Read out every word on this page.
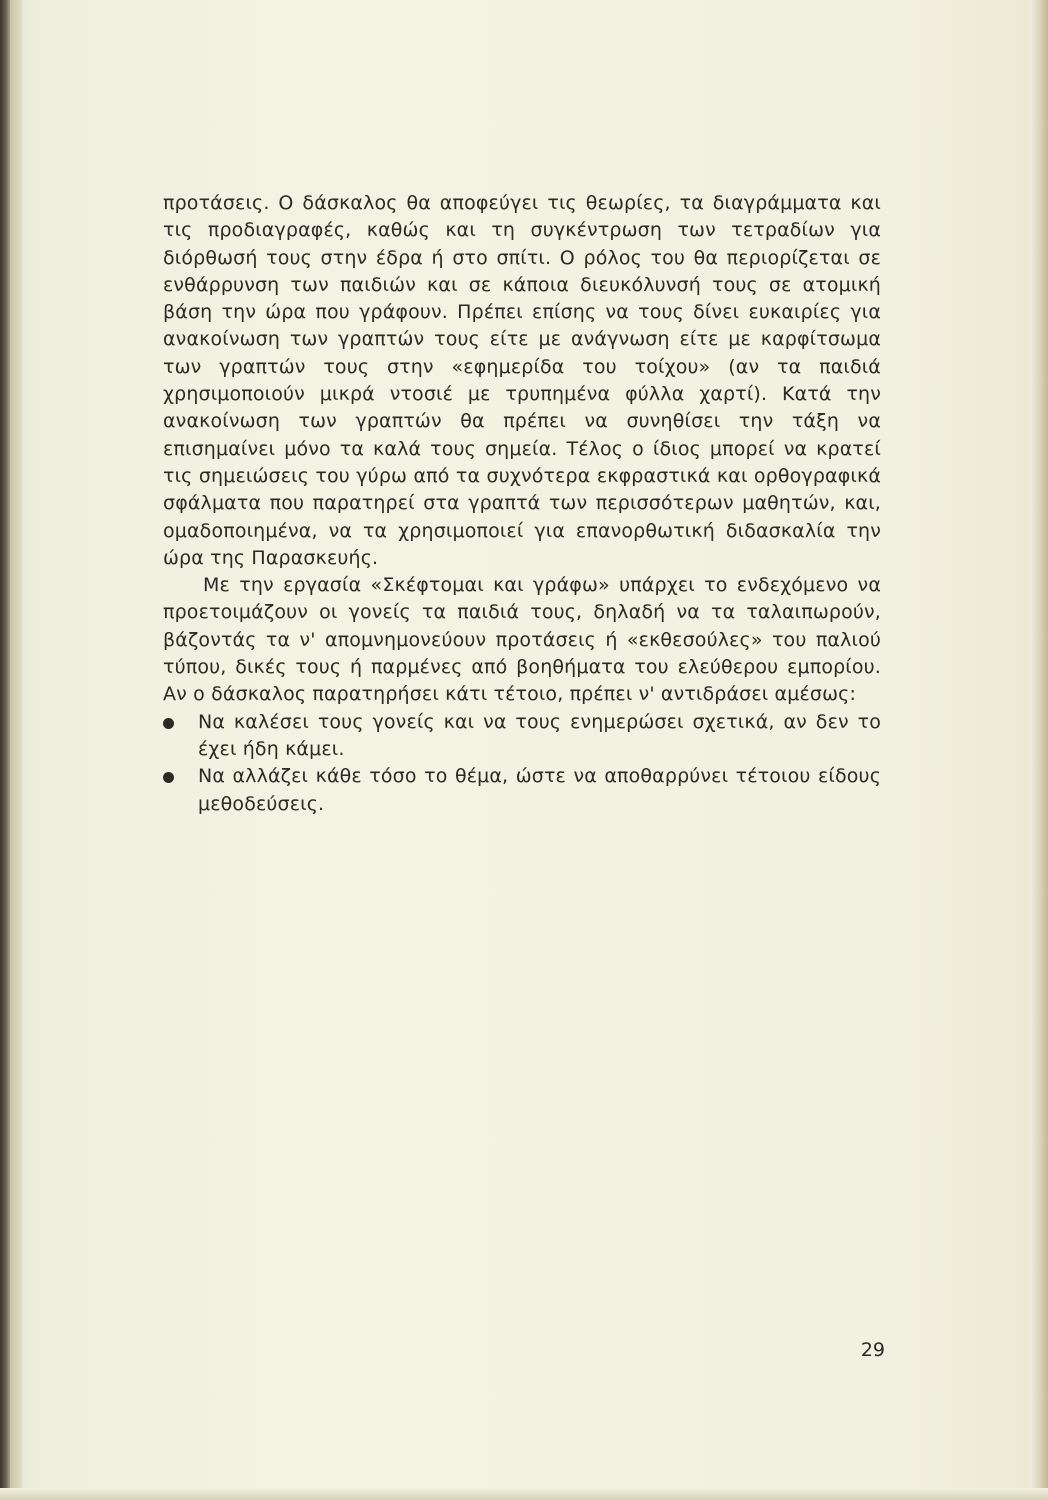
προτάσεις. Ο δάσκαλος θα αποφεύγει τις θεωρίες, τα διαγράμματα και τις προδιαγραφές, καθώς και τη συγκέντρωση των τετραδίων για διόρθωσή τους στην έδρα ή στο σπίτι. Ο ρόλος του θα περιορίζεται σε ενθάρρυνση των παιδιών και σε κάποια διευκόλυνσή τους σε ατομική βάση την ώρα που γράφουν. Πρέπει επίσης να τους δίνει ευκαιρίες για ανακοίνωση των γραπτών τους είτε με ανάγνωση είτε με καρφίτσωμα των γραπτών τους στην «εφημερίδα του τοίχου» (αν τα παιδιά χρησιμοποιούν μικρά ντοσιέ με τρυπημένα φύλλα χαρτί). Κατά την ανακοίνωση των γραπτών θα πρέπει να συνηθίσει την τάξη να επισημαίνει μόνο τα καλά τους σημεία. Τέλος ο ίδιος μπορεί να κρατεί τις σημειώσεις του γύρω από τα συχνότερα εκφραστικά και ορθογραφικά σφάλματα που παρατηρεί στα γραπτά των περισσότερων μαθητών, και, ομαδοποιημένα, να τα χρησιμοποιεί για επανορθωτική διδασκαλία την ώρα της Παρασκευής.

Με την εργασία «Σκέφτομαι και γράφω» υπάρχει το ενδεχόμενο να προετοιμάζουν οι γονείς τα παιδιά τους, δηλαδή να τα ταλαιπωρούν, βάζοντάς τα ν' απομνημονεύουν προτάσεις ή «εκθεσούλες» του παλιού τύπου, δικές τους ή παρμένες από βοηθήματα του ελεύθερου εμπορίου. Αν ο δάσκαλος παρατηρήσει κάτι τέτοιο, πρέπει ν' αντιδράσει αμέσως:

Να καλέσει τους γονείς και να τους ενημερώσει σχετικά, αν δεν το έχει ήδη κάμει.
Να αλλάζει κάθε τόσο το θέμα, ώστε να αποθαρρύνει τέτοιου είδους μεθοδεύσεις.
29
